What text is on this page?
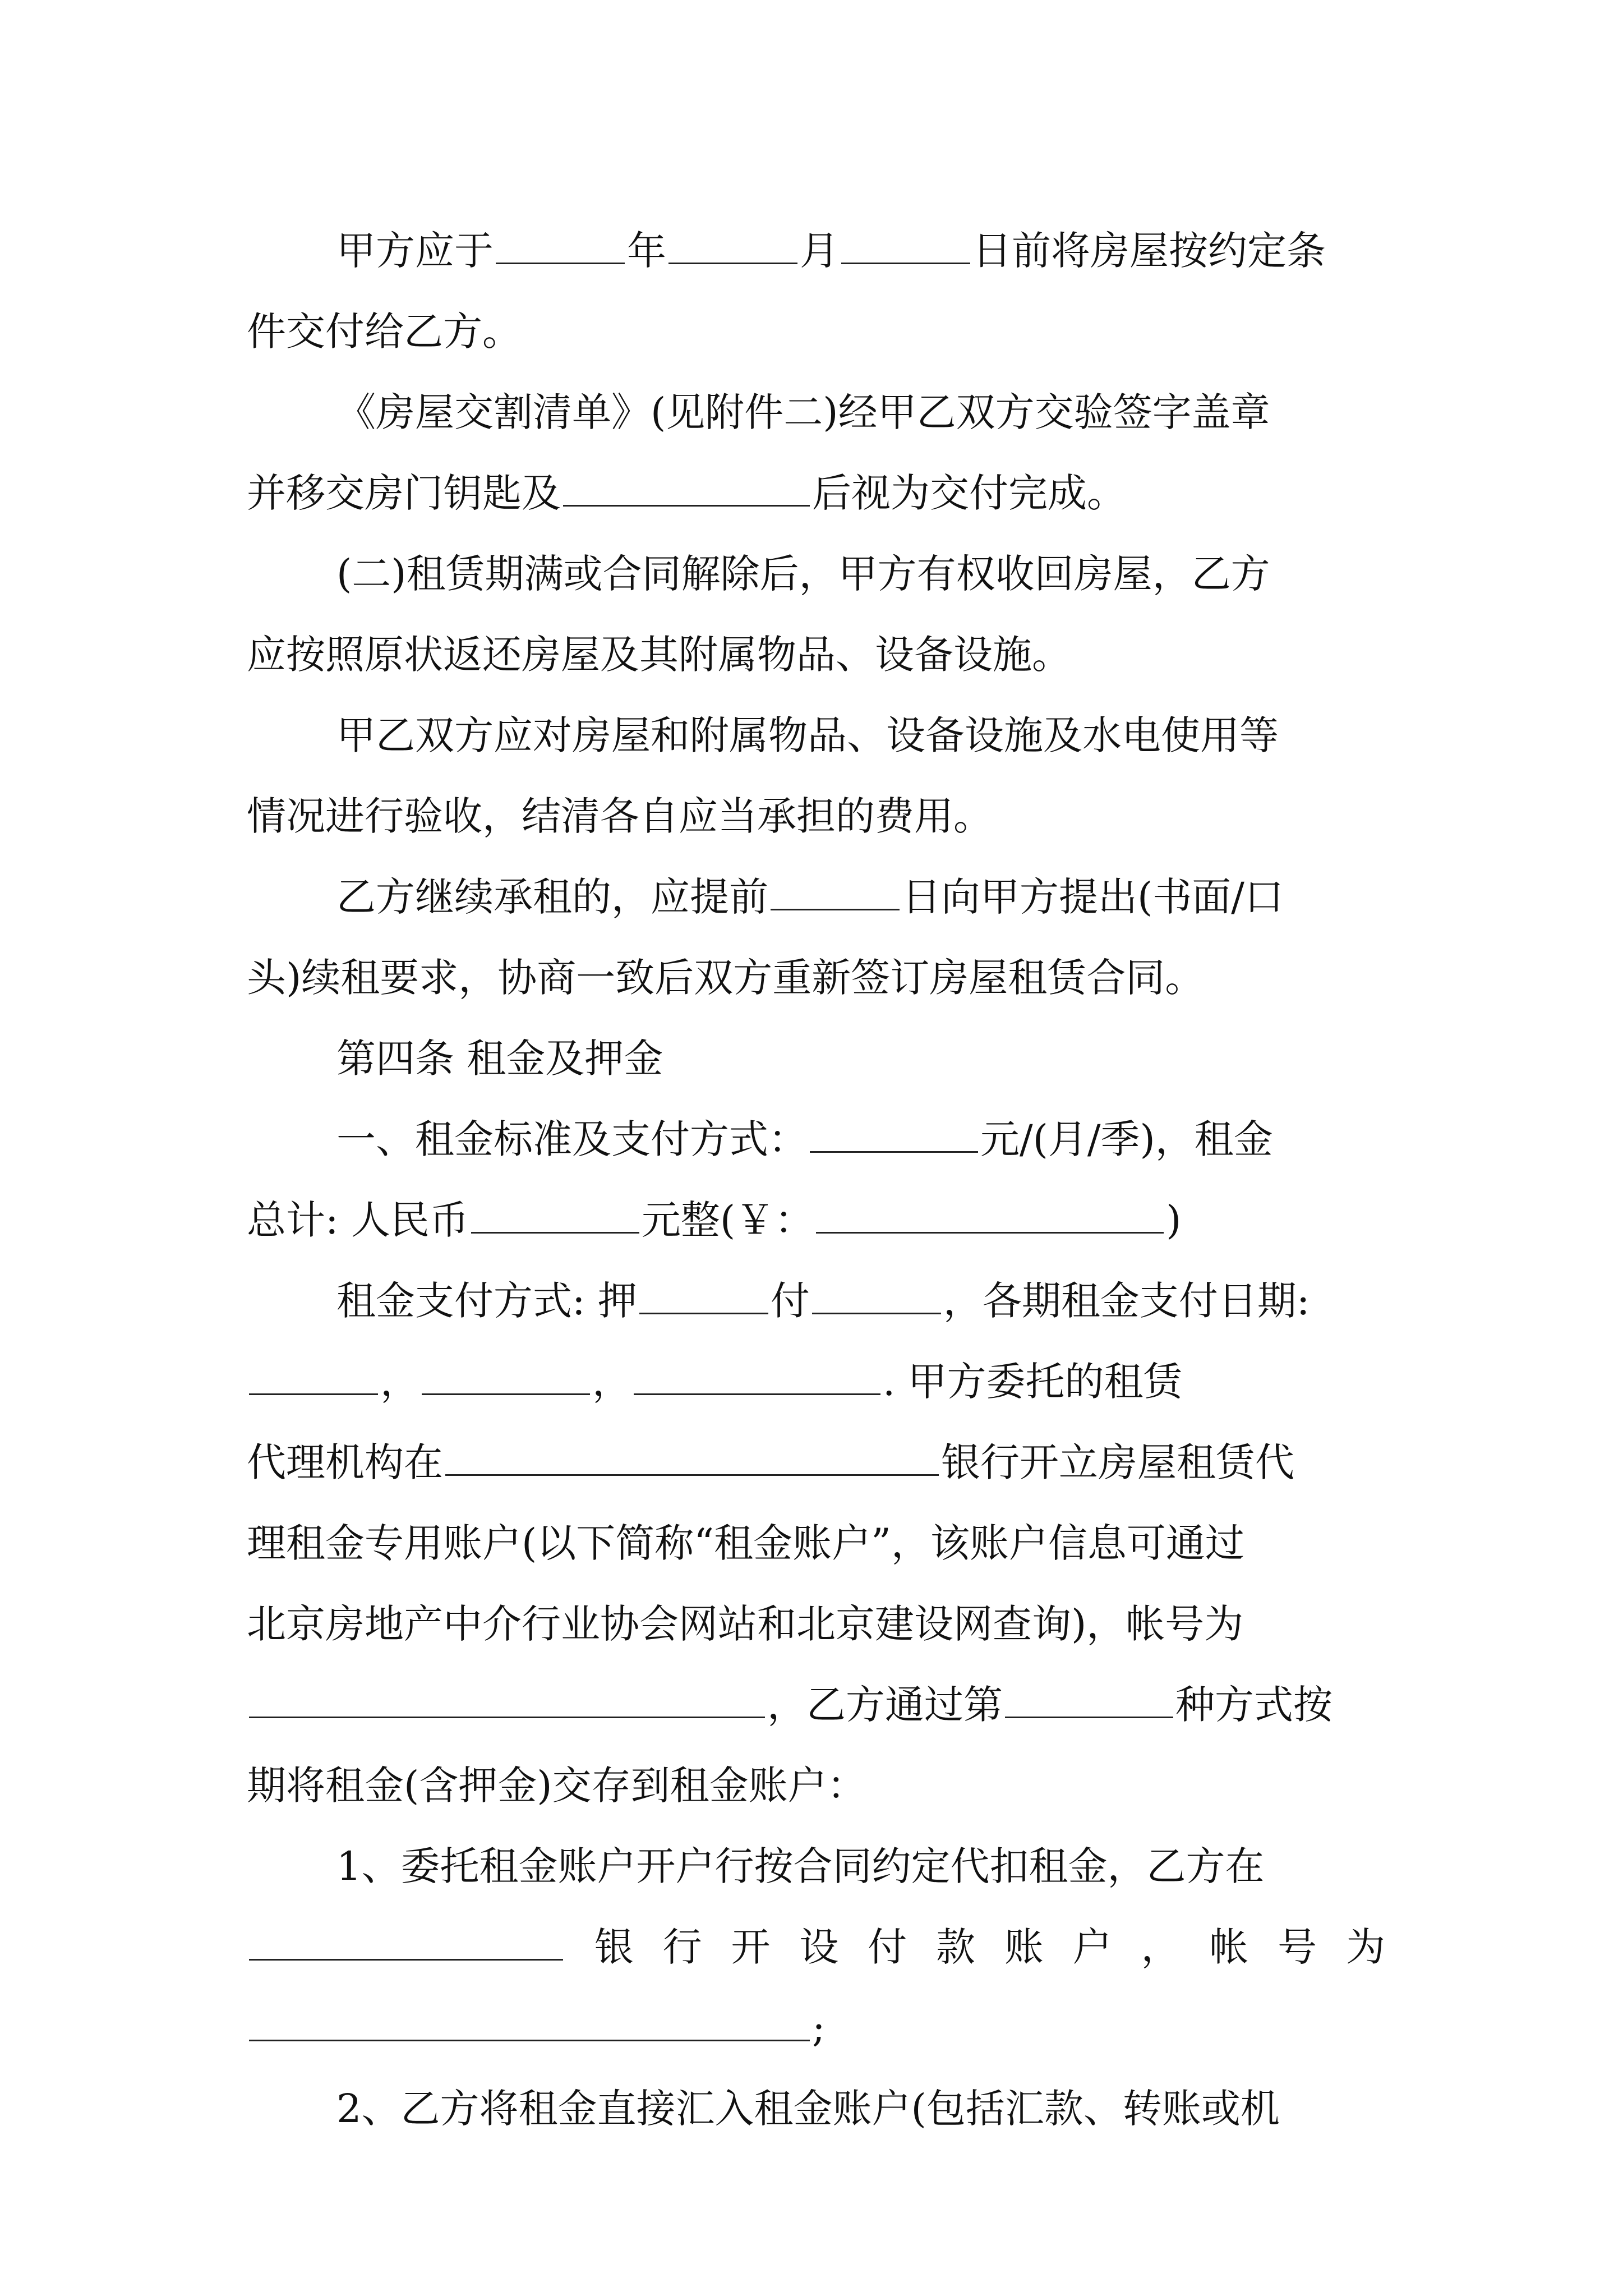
甲方应于	年	月	日前将房屋按约定条
件交付给乙方。
《房屋交割清单》(见附件二)经甲乙双方交验签字盖章
并移交房门钥匙及	后视为交付完成。
(二)租赁期满或合同解除后，甲方有权收回房屋，乙方
应按照原状返还房屋及其附属物品、设备设施。
甲乙双方应对房屋和附属物品、设备设施及水电使用等
情况进行验收，结清各自应当承担的费用。
乙方继续承租的，应提前	日向甲方提出(书面/口
头)续租要求，协商一致后双方重新签订房屋租赁合同。
第四条 租金及押金
一、租金标准及支付方式：	元/(月/季)，租金
总计: 人民币	元整(￥：	)
租金支付方式: 押	付	，各期租金支付日期:
，	，	. 甲方委托的租赁
代理机构在	银行开立房屋租赁代
理租金专用账户(以下简称“租金账户”，该账户信息可通过
北京房地产中介行业协会网站和北京建设网查询)，帐号为
，乙方通过第	种方式按
期将租金(含押金)交存到租金账户：
1、委托租金账户开户行按合同约定代扣租金，乙方在
银 行 开 设 付 款 账 户 ， 帐 号 为
;
2、乙方将租金直接汇入租金账户(包括汇款、转账或机
